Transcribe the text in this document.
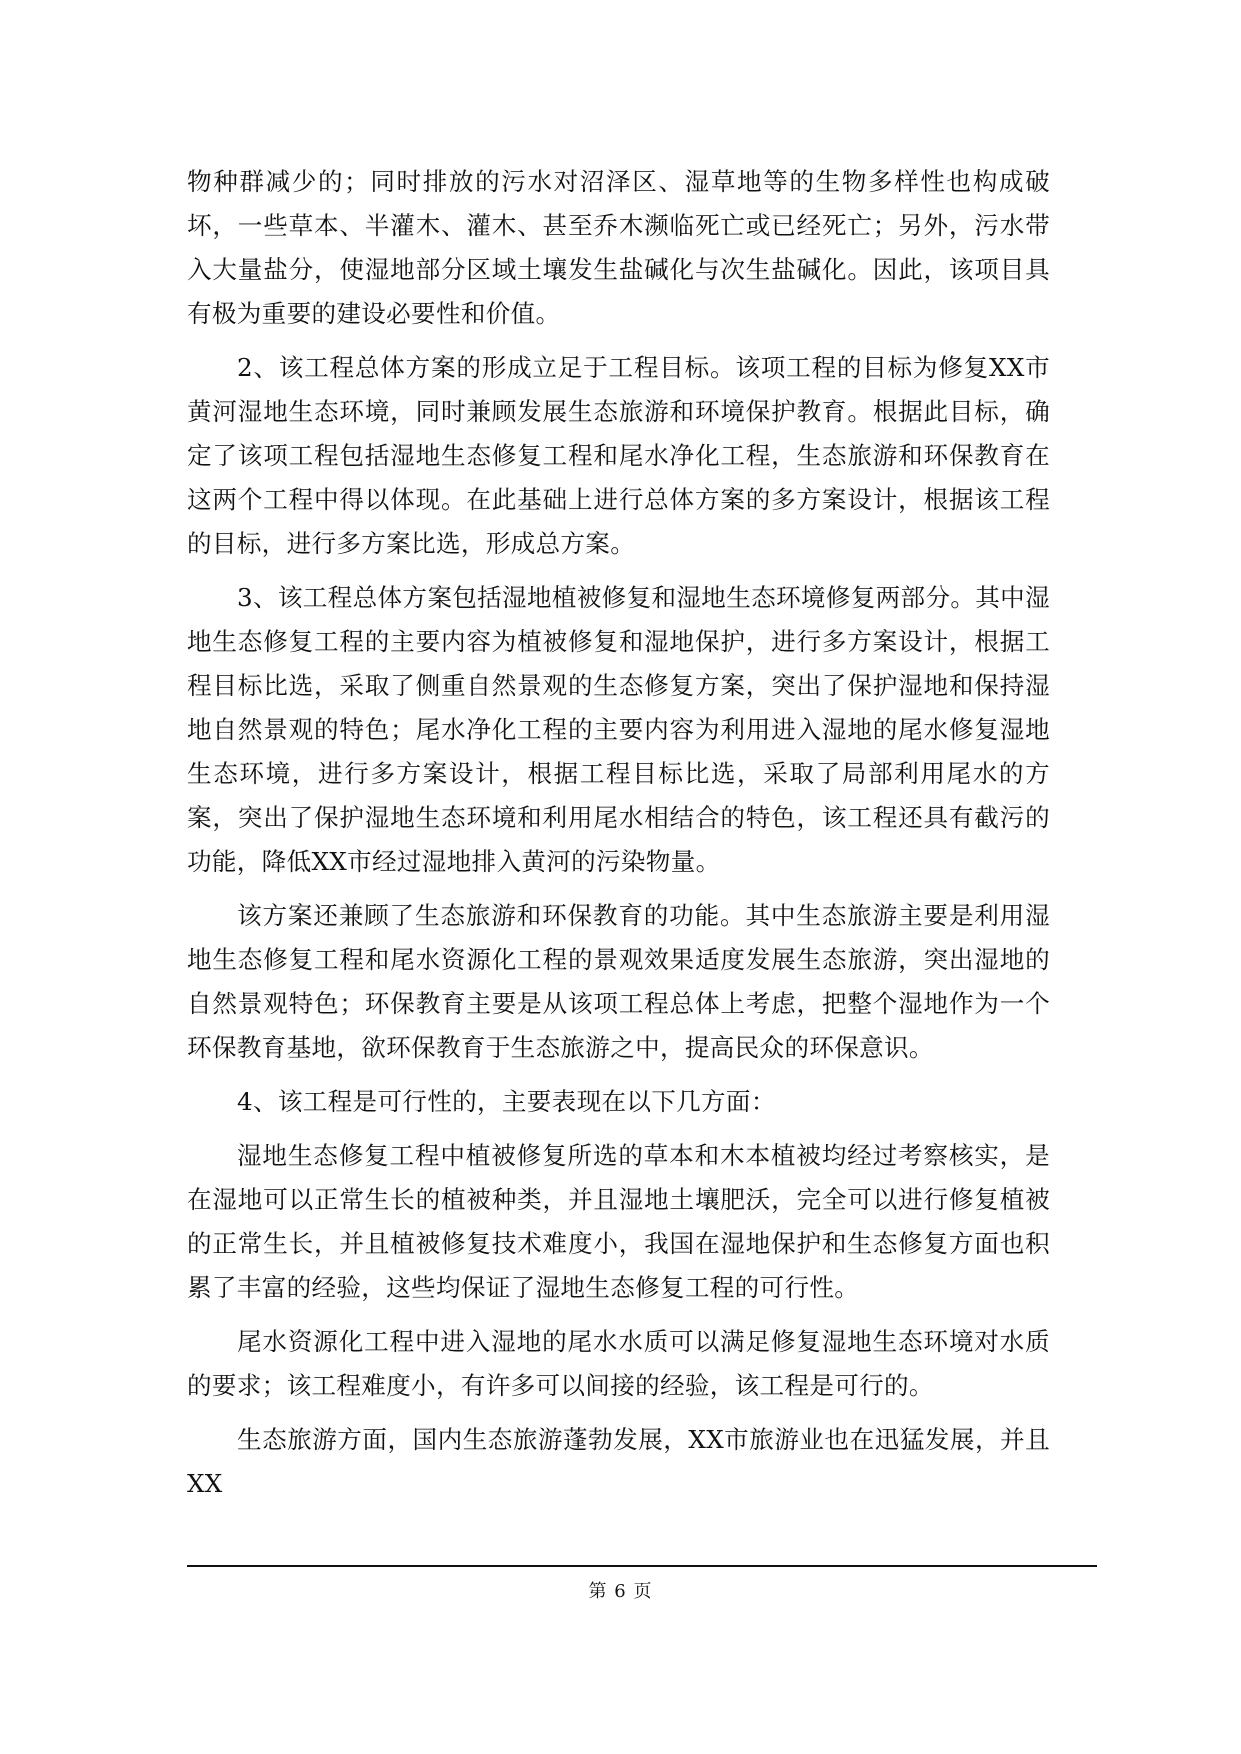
物种群减少的；同时排放的污水对沼泽区、湿草地等的生物多样性也构成破坏，一些草本、半灌木、灌木、甚至乔木濒临死亡或已经死亡；另外，污水带入大量盐分，使湿地部分区域土壤发生盐碱化与次生盐碱化。因此，该项目具有极为重要的建设必要性和价值。

2、该工程总体方案的形成立足于工程目标。该项工程的目标为修复XX市黄河湿地生态环境，同时兼顾发展生态旅游和环境保护教育。根据此目标，确定了该项工程包括湿地生态修复工程和尾水净化工程，生态旅游和环保教育在这两个工程中得以体现。在此基础上进行总体方案的多方案设计，根据该工程的目标，进行多方案比选，形成总方案。

3、该工程总体方案包括湿地植被修复和湿地生态环境修复两部分。其中湿地生态修复工程的主要内容为植被修复和湿地保护，进行多方案设计，根据工程目标比选，采取了侧重自然景观的生态修复方案，突出了保护湿地和保持湿地自然景观的特色；尾水净化工程的主要内容为利用进入湿地的尾水修复湿地生态环境，进行多方案设计，根据工程目标比选，采取了局部利用尾水的方案，突出了保护湿地生态环境和利用尾水相结合的特色，该工程还具有截污的功能，降低XX市经过湿地排入黄河的污染物量。

该方案还兼顾了生态旅游和环保教育的功能。其中生态旅游主要是利用湿地生态修复工程和尾水资源化工程的景观效果适度发展生态旅游，突出湿地的自然景观特色；环保教育主要是从该项工程总体上考虑，把整个湿地作为一个环保教育基地，欲环保教育于生态旅游之中，提高民众的环保意识。

4、该工程是可行性的，主要表现在以下几方面：

湿地生态修复工程中植被修复所选的草本和木本植被均经过考察核实，是在湿地可以正常生长的植被种类，并且湿地土壤肥沃，完全可以进行修复植被的正常生长，并且植被修复技术难度小，我国在湿地保护和生态修复方面也积累了丰富的经验，这些均保证了湿地生态修复工程的可行性。

尾水资源化工程中进入湿地的尾水水质可以满足修复湿地生态环境对水质的要求；该工程难度小，有许多可以间接的经验，该工程是可行的。

生态旅游方面，国内生态旅游蓬勃发展，XX市旅游业也在迅猛发展，并且XX

第 6 页
